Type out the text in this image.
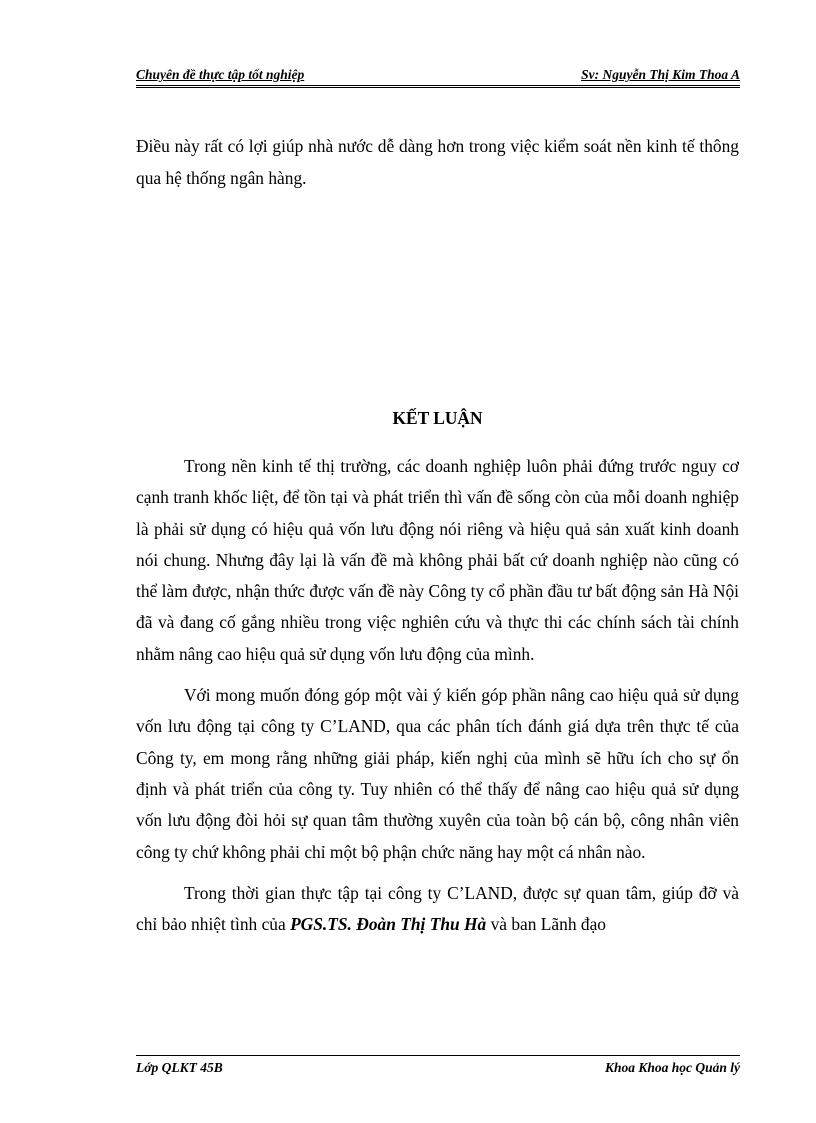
Chuyên đề thực tập tốt nghiệp	Sv: Nguyễn Thị Kim Thoa A

Điều này rất có lợi giúp nhà nước dễ dàng hơn trong việc kiểm soát nền kinh tế thông qua hệ thống ngân hàng.

KẾT LUẬN

Trong nền kinh tế thị trường, các doanh nghiệp luôn phải đứng trước nguy cơ cạnh tranh khốc liệt, để tồn tại và phát triển thì vấn đề sống còn của mỗi doanh nghiệp là phải sử dụng có hiệu quả vốn lưu động nói riêng và hiệu quả sản xuất kinh doanh nói chung. Nhưng đây lại là vấn đề mà không phải bất cứ doanh nghiệp nào cũng có thể làm được, nhận thức được vấn đề này Công ty cổ phần đầu tư bất động sản Hà Nội đã và đang cố gắng nhiều trong việc nghiên cứu và thực thi các chính sách tài chính nhằm nâng cao hiệu quả sử dụng vốn lưu động của mình.

Với mong muốn đóng góp một vài ý kiến góp phần nâng cao hiệu quả sử dụng vốn lưu động tại công ty C’LAND, qua các phân tích đánh giá dựa trên thực tế của Công ty, em mong rằng những giải pháp, kiến nghị của mình sẽ hữu ích cho sự ổn định và phát triển của công ty. Tuy nhiên có thể thấy để nâng cao hiệu quả sử dụng vốn lưu động đòi hỏi sự quan tâm thường xuyên của toàn bộ cán bộ, công nhân viên công ty chứ không phải chỉ một bộ phận chức năng hay một cá nhân nào.

Trong thời gian thực tập tại công ty C’LAND, được sự quan tâm, giúp đỡ và chỉ bảo nhiệt tình của PGS.TS. Đoàn Thị Thu Hà và ban Lãnh đạo

Lớp QLKT 45B	Khoa Khoa học Quản lý
